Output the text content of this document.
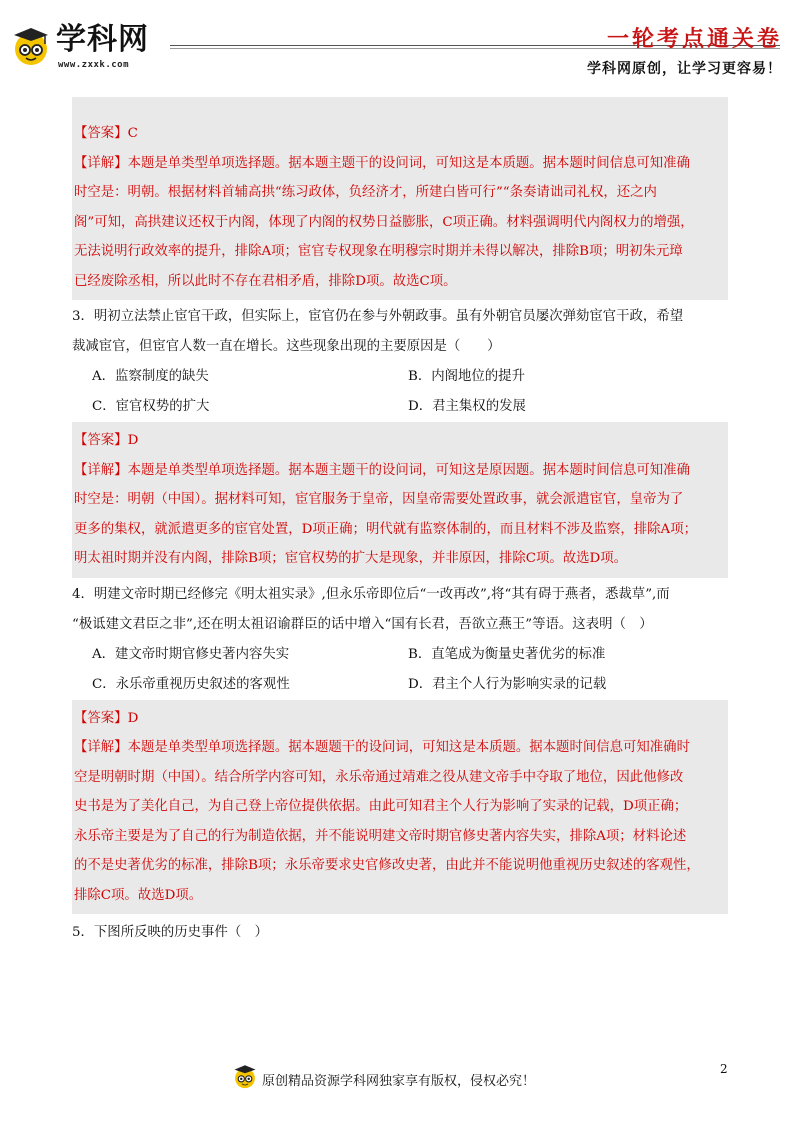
学科网
www.zxxk.com
一轮考点通关卷
学科网原创，让学习更容易！

【答案】C

【详解】本题是单类型单项选择题。据本题主题干的设问词，可知这是本质题。据本题时间信息可知准确

时空是：明朝。根据材料首辅高拱“练习政体，负经济才，所建白皆可行”“条奏请诎司礼权，还之内

阁”可知，高拱建议还权于内阁，体现了内阁的权势日益膨胀，C项正确。材料强调明代内阁权力的增强，

无法说明行政效率的提升，排除A项；宦官专权现象在明穆宗时期并未得以解决，排除B项；明初朱元璋

已经废除丞相，所以此时不存在君相矛盾，排除D项。故选C项。

3．明初立法禁止宦官干政，但实际上，宦官仍在参与外朝政事。虽有外朝官员屡次弹劾宦官干政，希望

裁减宦官，但宦官人数一直在增长。这些现象出现的主要原因是（　　）

A．监察制度的缺失	B．内阁地位的提升
C．宦官权势的扩大	D．君主集权的发展

【答案】D

【详解】本题是单类型单项选择题。据本题主题干的设问词，可知这是原因题。据本题时间信息可知准确

时空是：明朝（中国）。据材料可知，宦官服务于皇帝，因皇帝需要处置政事，就会派遣宦官，皇帝为了

更多的集权，就派遣更多的宦官处置，D项正确；明代就有监察体制的，而且材料不涉及监察，排除A项；

明太祖时期并没有内阁，排除B项；宦官权势的扩大是现象，并非原因，排除C项。故选D项。

4．明建文帝时期已经修完《明太祖实录》,但永乐帝即位后“一改再改”,将“其有碍于燕者，悉裁草”,而

“极诋建文君臣之非”,还在明太祖诏谕群臣的话中增入“国有长君，吾欲立燕王”等语。这表明（　）

A．建文帝时期官修史著内容失实	B．直笔成为衡量史著优劣的标准
C．永乐帝重视历史叙述的客观性	D．君主个人行为影响实录的记载

【答案】D

【详解】本题是单类型单项选择题。据本题题干的设问词，可知这是本质题。据本题时间信息可知准确时

空是明朝时期（中国）。结合所学内容可知，永乐帝通过靖难之役从建文帝手中夺取了地位，因此他修改

史书是为了美化自己，为自己登上帝位提供依据。由此可知君主个人行为影响了实录的记载，D项正确；

永乐帝主要是为了自己的行为制造依据，并不能说明建文帝时期官修史著内容失实，排除A项；材料论述

的不是史著优劣的标准，排除B项；永乐帝要求史官修改史著，由此并不能说明他重视历史叙述的客观性，

排除C项。故选D项。

5．下图所反映的历史事件（　）

原创精品资源学科网独家享有版权，侵权必究！
2
